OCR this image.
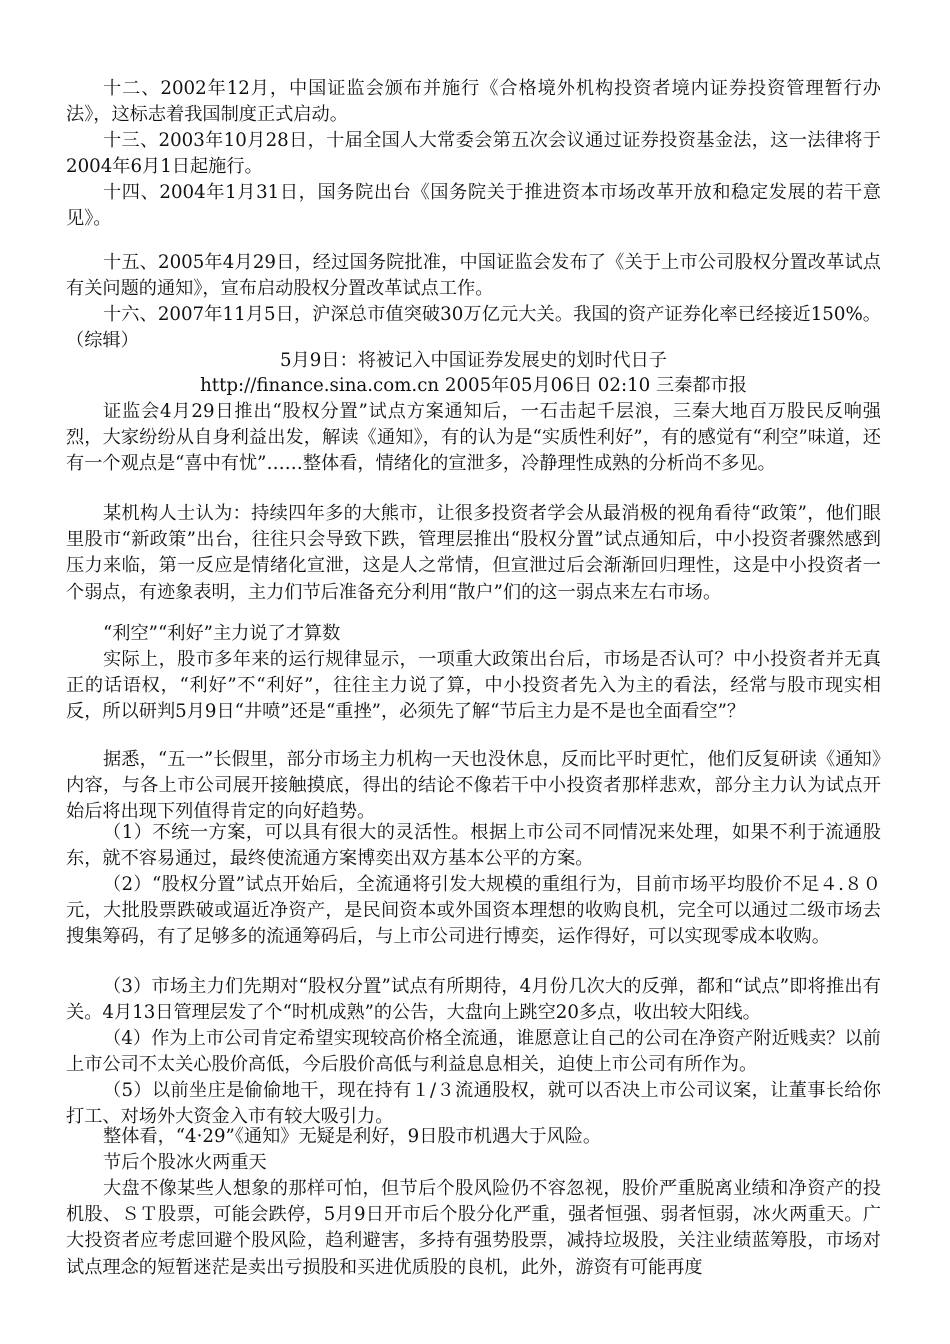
十二、2002年12月，中国证监会颁布并施行《合格境外机构投资者境内证券投资管理暂行办法》，这标志着我国制度正式启动。

十三、2003年10月28日，十届全国人大常委会第五次会议通过证券投资基金法，这一法律将于2004年6月1日起施行。

十四、2004年1月31日，国务院出台《国务院关于推进资本市场改革开放和稳定发展的若干意见》。

十五、2005年4月29日，经过国务院批准，中国证监会发布了《关于上市公司股权分置改革试点有关问题的通知》，宣布启动股权分置改革试点工作。

十六、2007年11月5日，沪深总市值突破30万亿元大关。我国的资产证券化率已经接近150%。（综辑）

5月9日：将被记入中国证券发展史的划时代日子

http://finance.sina.com.cn 2005年05月06日 02:10 三秦都市报

证监会4月29日推出“股权分置”试点方案通知后，一石击起千层浪，三秦大地百万股民反响强烈，大家纷纷从自身利益出发，解读《通知》，有的认为是“实质性利好”，有的感觉有“利空”味道，还有一个观点是“喜中有忧”……整体看，情绪化的宣泄多，冷静理性成熟的分析尚不多见。

某机构人士认为：持续四年多的大熊市，让很多投资者学会从最消极的视角看待“政策”，他们眼里股市“新政策”出台，往往只会导致下跌，管理层推出“股权分置”试点通知后，中小投资者骤然感到压力来临，第一反应是情绪化宣泄，这是人之常情，但宣泄过后会渐渐回归理性，这是中小投资者一个弱点，有迹象表明，主力们节后准备充分利用“散户”们的这一弱点来左右市场。

“利空”“利好”主力说了才算数

实际上，股市多年来的运行规律显示，一项重大政策出台后，市场是否认可？中小投资者并无真正的话语权，“利好”不“利好”，往往主力说了算，中小投资者先入为主的看法，经常与股市现实相反，所以研判5月9日“井喷”还是“重挫”，必须先了解“节后主力是不是也全面看空”？

据悉，“五一”长假里，部分市场主力机构一天也没休息，反而比平时更忙，他们反复研读《通知》内容，与各上市公司展开接触摸底，得出的结论不像若干中小投资者那样悲欢，部分主力认为试点开始后将出现下列值得肯定的向好趋势。

（1）不统一方案，可以具有很大的灵活性。根据上市公司不同情况来处理，如果不利于流通股东，就不容易通过，最终使流通方案博奕出双方基本公平的方案。

（2）“股权分置”试点开始后，全流通将引发大规模的重组行为，目前市场平均股价不足４.８０元，大批股票跌破或逼近净资产，是民间资本或外国资本理想的收购良机，完全可以通过二级市场去搜集筹码，有了足够多的流通筹码后，与上市公司进行博奕，运作得好，可以实现零成本收购。

（3）市场主力们先期对“股权分置”试点有所期待，4月份几次大的反弹，都和“试点”即将推出有关。4月13日管理层发了个“时机成熟”的公告，大盘向上跳空20多点，收出较大阳线。

（4）作为上市公司肯定希望实现较高价格全流通，谁愿意让自己的公司在净资产附近贱卖？以前上市公司不太关心股价高低，今后股价高低与利益息息相关，迫使上市公司有所作为。

（5）以前坐庄是偷偷地干，现在持有１/３流通股权，就可以否决上市公司议案，让董事长给你打工、对场外大资金入市有较大吸引力。

整体看，“4·29”《通知》无疑是利好，9日股市机遇大于风险。

节后个股冰火两重天

大盘不像某些人想象的那样可怕，但节后个股风险仍不容忽视，股价严重脱离业绩和净资产的投机股、ＳＴ股票，可能会跌停，5月9日开市后个股分化严重，强者恒强、弱者恒弱，冰火两重天。广大投资者应考虑回避个股风险，趋利避害，多持有强势股票，减持垃圾股，关注业绩蓝筹股，市场对试点理念的短暂迷茫是卖出亏损股和买进优质股的良机，此外，游资有可能再度
